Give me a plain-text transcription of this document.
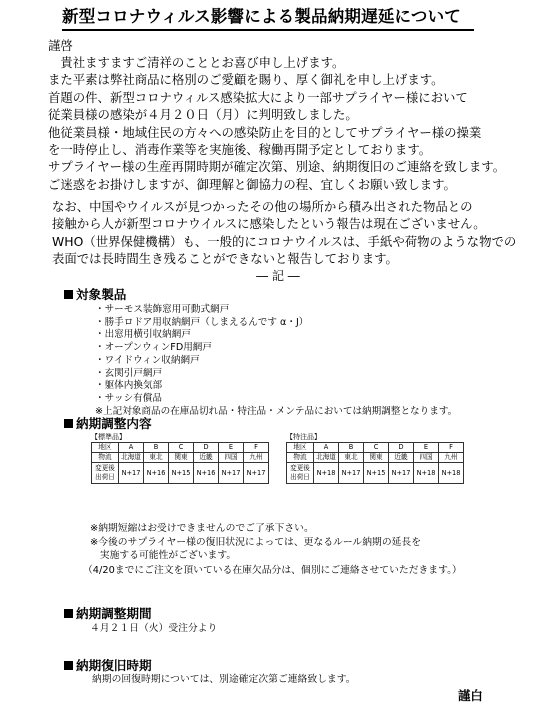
新型コロナウィルス影響による製品納期遅延について
謹啓
　貴社ますますご清祥のこととお喜び申し上げます。
また平素は弊社商品に格別のご愛顧を賜り、厚く御礼を申し上げます。
首題の件、新型コロナウィルス感染拡大により一部サプライヤー様において
従業員様の感染が４月２０日（月）に判明致しました。
他従業員様・地域住民の方々への感染防止を目的としてサプライヤー様の操業
を一時停止し、消毒作業等を実施後、稼働再開予定としております。
サプライヤー様の生産再開時期が確定次第、別途、納期復旧のご連絡を致します。
ご迷惑をお掛けしますが、御理解と御協力の程、宜しくお願い致します。
なお、中国やウイルスが見つかったその他の場所から積み出された物品との
接触から人が新型コロナウイルスに感染したという報告は現在ございません。
WHO（世界保健機構）も、一般的にコロナウイルスは、手紙や荷物のような物での
表面では長時間生き残ることができないと報告しております。
― 記 ―
対象製品
・サーモス装飾窓用可動式網戸
・勝手ロドア用収納網戸（しまえるんです α・J）
・出窓用横引収納網戸
・オープンウィンFD用網戸
・ワイドウィン収納網戸
・玄関引戸網戸
・躯体内換気部
・サッシ有償品
※上記対象商品の在庫品切れ品・特注品・メンテ品においては納期調整となります。
納期調整内容
【標準品】
地区	A	B	C	D	E	F
物流	北海道	東北	関東	近畿	四国	九州
変更後
出荷日	N+17	N+16	N+15	N+16	N+17	N+17
【特注品】
地区	A	B	C	D	E	F
物流	北海道	東北	関東	近畿	四国	九州
変更後
出荷日	N+18	N+17	N+15	N+17	N+18	N+18
※納期短縮はお受けできませんのでご了承下さい。
※今後のサプライヤー様の復旧状況によっては、更なるルール納期の延長を
　実施する可能性がございます。
（4/20までにご注文を頂いている在庫欠品分は、個別にご連絡させていただきます。）
納期調整期間
４月２１日（火）受注分より
納期復旧時期
納期の回復時期については、別途確定次第ご連絡致します。
謹白
